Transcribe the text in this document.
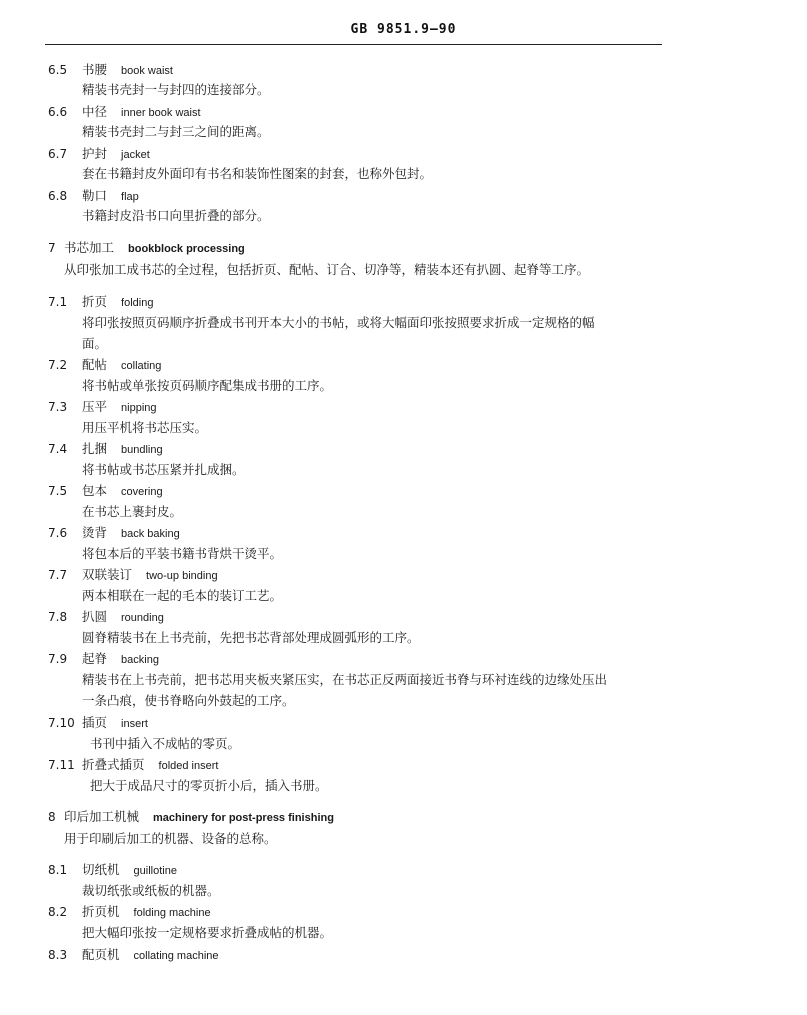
GB 9851.9—90
6.5	书腰 book waist
精装书壳封一与封四的连接部分。
6.6	中径 inner book waist
精装书壳封二与封三之间的距离。
6.7	护封 jacket
套在书籍封皮外面印有书名和装饰性图案的封套，也称外包封。
6.8	勒口 flap
书籍封皮沿书口向里折叠的部分。
7 书芯加工 bookblock processing
从印张加工成书芯的全过程，包括折页、配帖、订合、切净等，精装本还有扒圆、起脊等工序。
7.1	折页 folding
将印张按照页码顺序折叠成书刊开本大小的书帖，或将大幅面印张按照要求折成一定规格的幅
面。
7.2	配帖 collating
将书帖或单张按页码顺序配集成书册的工序。
7.3	压平 nipping
用压平机将书芯压实。
7.4	扎捆 bundling
将书帖或书芯压紧并扎成捆。
7.5	包本 covering
在书芯上裹封皮。
7.6	烫背 back baking
将包本后的平装书籍书背烘干烫平。
7.7	双联装订 two-up binding
两本相联在一起的毛本的装订工艺。
7.8	扒圆 rounding
圆脊精装书在上书壳前，先把书芯背部处理成圆弧形的工序。
7.9	起脊 backing
精装书在上书壳前，把书芯用夹板夹紧压实，在书芯正反两面接近书脊与环衬连线的边缘处压出
一条凸痕，使书脊略向外鼓起的工序。
7.10 插页 insert
书刊中插入不成帖的零页。
7.11 折叠式插页 folded insert
把大于成品尺寸的零页折小后，插入书册。
8 印后加工机械 machinery for post-press finishing
用于印刷后加工的机器、设备的总称。
8.1	切纸机 guillotine
裁切纸张或纸板的机器。
8.2	折页机 folding machine
把大幅印张按一定规格要求折叠成帖的机器。
8.3	配页机 collating machine
